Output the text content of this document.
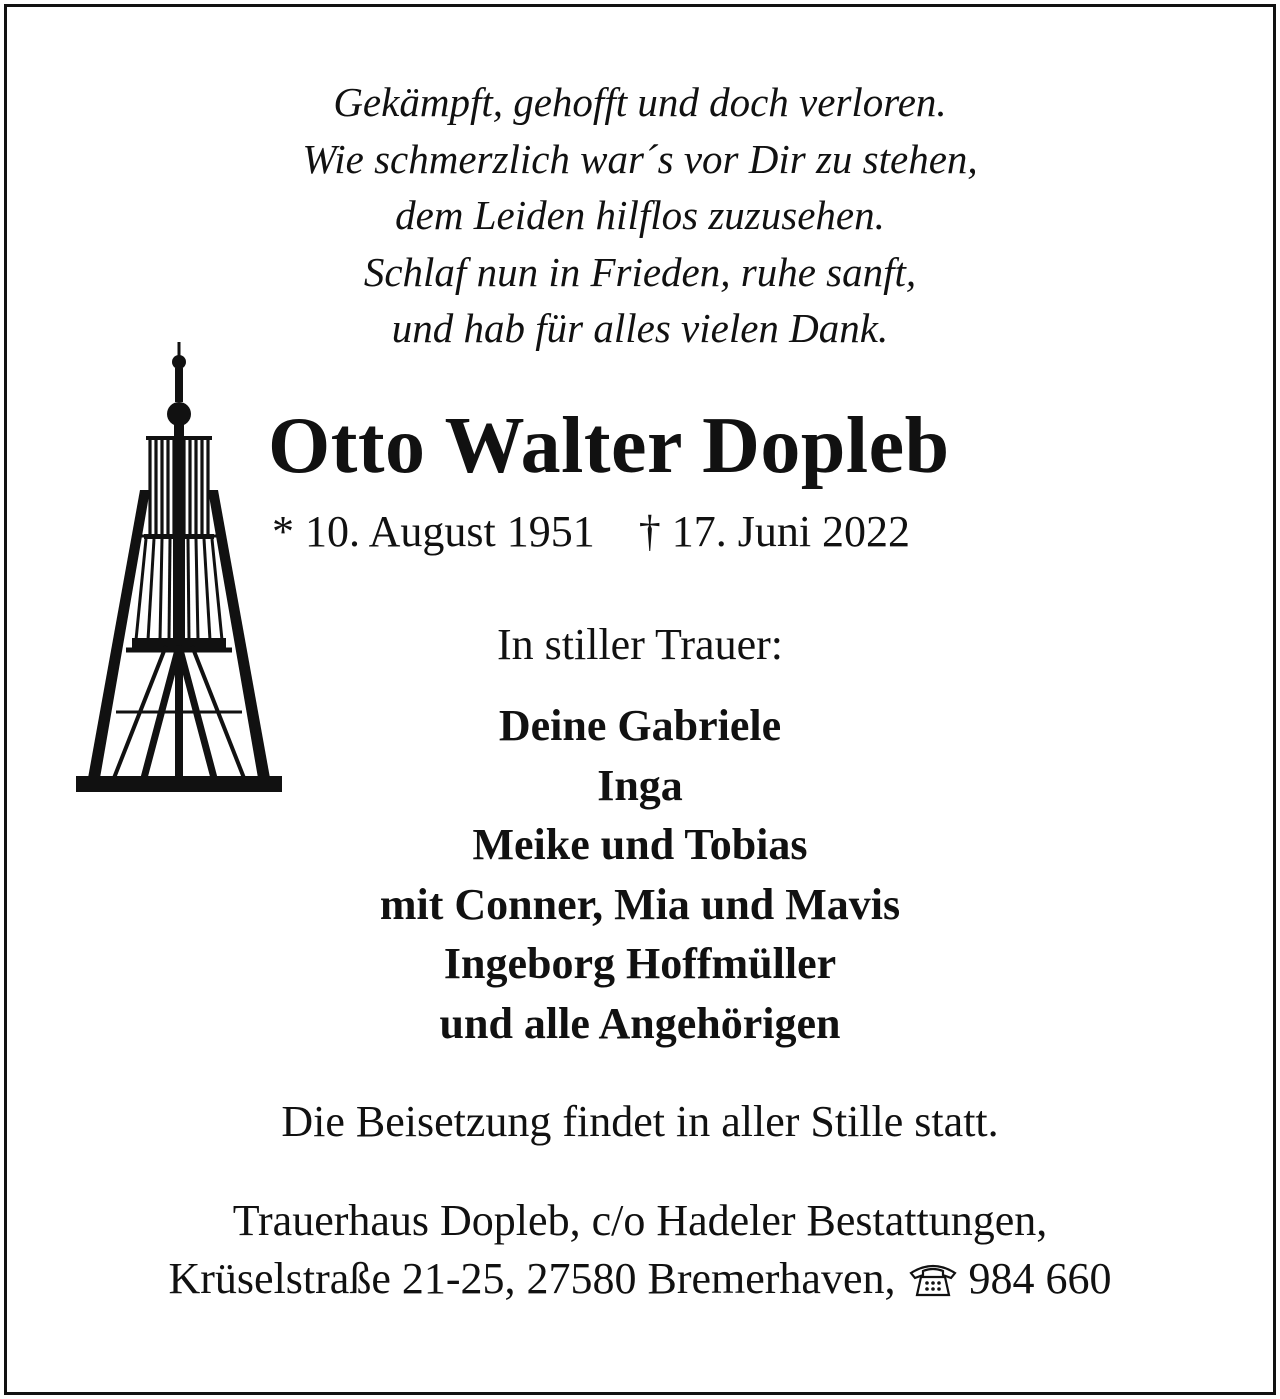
Gekämpft, gehofft und doch verloren.
Wie schmerzlich war´s vor Dir zu stehen,
dem Leiden hilflos zuzusehen.
Schlaf nun in Frieden, ruhe sanft,
und hab für alles vielen Dank.
Otto Walter Dopleb
* 10. August 1951 † 17. Juni 2022
In stiller Trauer:
Deine Gabriele
Inga
Meike und Tobias
mit Conner, Mia und Mavis
Ingeborg Hoffmüller
und alle Angehörigen
Die Beisetzung findet in aller Stille statt.
Trauerhaus Dopleb, c/o Hadeler Bestattungen,
Krüselstraße 21-25, 27580 Bremerhaven, 984 660
